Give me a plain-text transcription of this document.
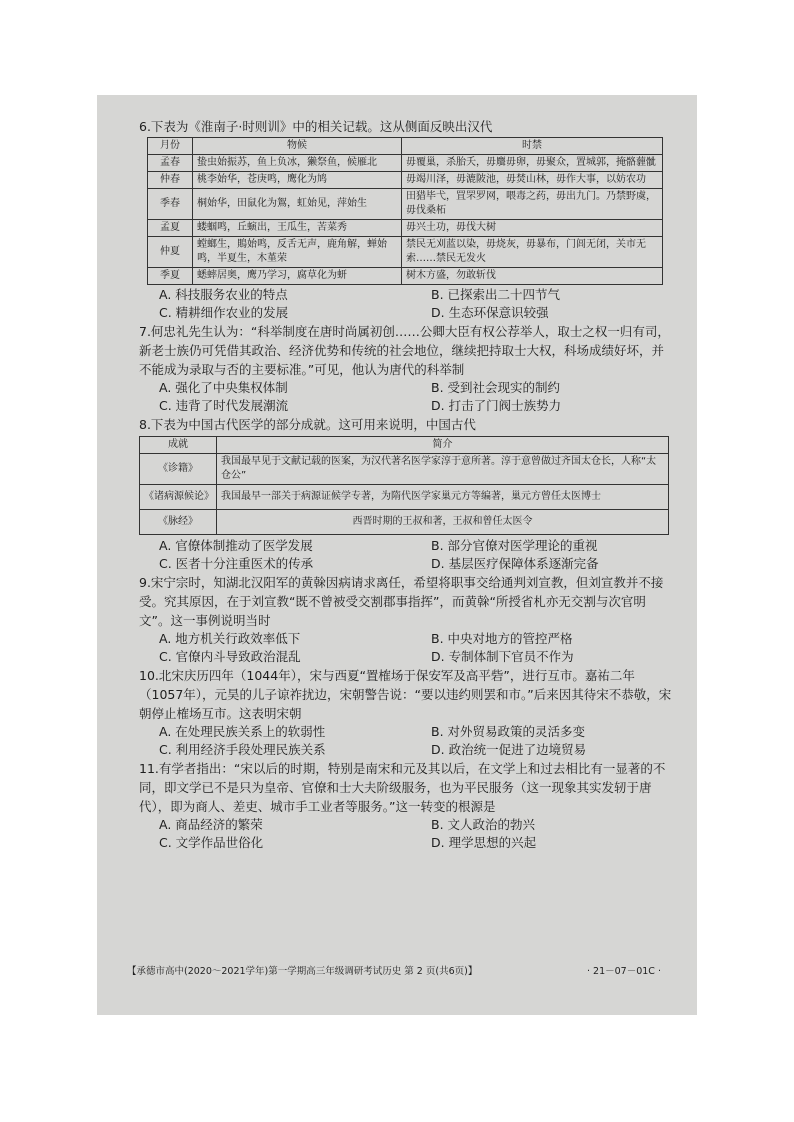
6.下表为《淮南子·时则训》中的相关记载。这从侧面反映出汉代

月份	物候	时禁
孟春	蛰虫始振苏，鱼上负冰，獭祭鱼，候雁北	毋覆巢，杀胎夭，毋麛毋卵，毋聚众，置城郭，掩骼薶骴
仲春	桃李始华，苍庚鸣，鹰化为鸠	毋竭川泽，毋漉陂池，毋焚山林，毋作大事，以妨农功
季春	桐始华，田鼠化为鴽，虹始见，萍始生	田猎毕弋，罝罘罗网，喂毒之药，毋出九门。乃禁野虞，毋伐桑柘
孟夏	蝼蝈鸣，丘螾出，王瓜生，苦菜秀	毋兴土功，毋伐大树
仲夏	螳螂生，鵙始鸣，反舌无声，鹿角解，蝉始鸣，半夏生，木堇荣	禁民无刈蓝以染，毋烧灰，毋暴布，门闾无闭，关市无索……禁民无发火
季夏	蟋蟀居奥，鹰乃学习，腐草化为蚈	树木方盛，勿敢斩伐
A. 科技服务农业的特点	B. 已探索出二十四节气
C. 精耕细作农业的发展	D. 生态环保意识较强

7.何忠礼先生认为：“科举制度在唐时尚属初创……公卿大臣有权公荐举人，取士之权一归有司，新老士族仍可凭借其政治、经济优势和传统的社会地位，继续把持取士大权，科场成绩好坏，并不能成为录取与否的主要标准。”可见，他认为唐代的科举制

A. 强化了中央集权体制	B. 受到社会现实的制约
C. 违背了时代发展潮流	D. 打击了门阀士族势力

8.下表为中国古代医学的部分成就。这可用来说明，中国古代

成就	简介
《诊籍》	我国最早见于文献记载的医案，为汉代著名医学家淳于意所著。淳于意曾做过齐国太仓长，人称“太仓公”
《诸病源候论》	我国最早一部关于病源证候学专著，为隋代医学家巢元方等编著，巢元方曾任太医博士
《脉经》	西晋时期的王叔和著，王叔和曾任太医令
A. 官僚体制推动了医学发展	B. 部分官僚对医学理论的重视
C. 医者十分注重医术的传承	D. 基层医疗保障体系逐渐完备

9.宋宁宗时，知湖北汉阳军的黄榦因病请求离任，希望将职事交给通判刘宣教，但刘宣教并不接受。究其原因，在于刘宣教“既不曾被受交割郡事指挥”，而黄榦“所授省札亦无交割与次官明文”。这一事例说明当时

A. 地方机关行政效率低下	B. 中央对地方的管控严格
C. 官僚内斗导致政治混乱	D. 专制体制下官员不作为

10.北宋庆历四年（1044年），宋与西夏“置榷场于保安军及高平砦”，进行互市。嘉祐二年（1057年），元昊的儿子谅祚扰边，宋朝警告说：“要以违约则罢和市。”后来因其待宋不恭敬，宋朝停止榷场互市。这表明宋朝

A. 在处理民族关系上的软弱性	B. 对外贸易政策的灵活多变
C. 利用经济手段处理民族关系	D. 政治统一促进了边境贸易

11.有学者指出：“宋以后的时期，特别是南宋和元及其以后，在文学上和过去相比有一显著的不同，即文学已不是只为皇帝、官僚和士大夫阶级服务，也为平民服务（这一现象其实发轫于唐代），即为商人、差吏、城市手工业者等服务。”这一转变的根源是

A. 商品经济的繁荣	B. 文人政治的勃兴
C. 文学作品世俗化	D. 理学思想的兴起
【承德市高中(2020～2021学年)第一学期高三年级调研考试历史 第 2 页(共6页)】	· 21－07－01C ·
